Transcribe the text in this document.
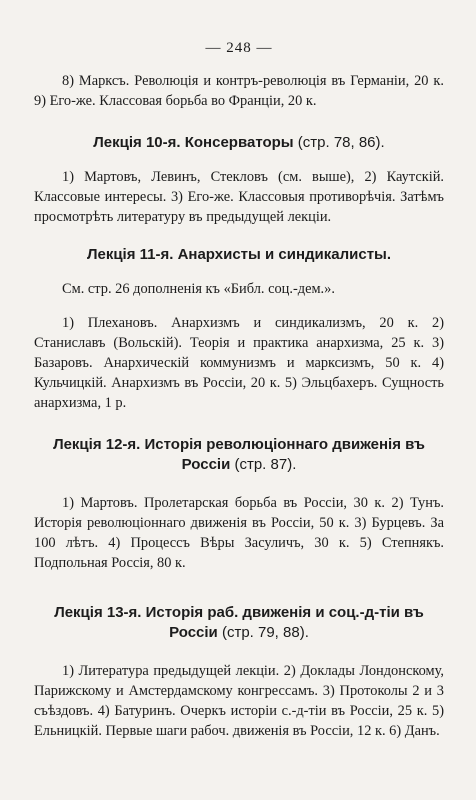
— 248 —

8) Марксъ. Революція и контръ-революція въ Германіи, 20 к. 9) Его-же. Классовая борьба во Франціи, 20 к.

Лекція 10-я. Консерваторы (стр. 78, 86).

1) Мартовъ, Левинъ, Стекловъ (см. выше), 2) Каутскій. Классовые интересы. 3) Его-же. Классовыя противорѣчія. Затѣмъ просмотрѣть литературу въ предыдущей лекціи.

Лекція 11-я. Анархисты и синдикалисты.

См. стр. 26 дополненія къ «Библ. соц.-дем.».

1) Плехановъ. Анархизмъ и синдикализмъ, 20 к. 2) Станиславъ (Вольскій). Теорія и практика анархизма, 25 к. 3) Базаровъ. Анархическій коммунизмъ и марксизмъ, 50 к. 4) Кульчицкій. Анархизмъ въ Россіи, 20 к. 5) Эльцбахеръ. Сущность анархизма, 1 р.

Лекція 12-я. Исторія революціоннаго движенія въ Россіи (стр. 87).

1) Мартовъ. Пролетарская борьба въ Россіи, 30 к. 2) Тунъ. Исторія революціоннаго движенія въ Россіи, 50 к. 3) Бурцевъ. За 100 лѣтъ. 4) Процессъ Вѣры Засуличъ, 30 к. 5) Степнякъ. Подпольная Россія, 80 к.

Лекція 13-я. Исторія раб. движенія и соц.-д-тіи въ Россіи (стр. 79, 88).

1) Литература предыдущей лекціи. 2) Доклады Лондонскому, Парижскому и Амстердамскому конгрессамъ. 3) Протоколы 2 и 3 съѣздовъ. 4) Батуринъ. Очеркъ исторіи с.-д-тіи въ Россіи, 25 к. 5) Ельницкій. Первые шаги рабоч. движенія въ Россіи, 12 к. 6) Данъ.
